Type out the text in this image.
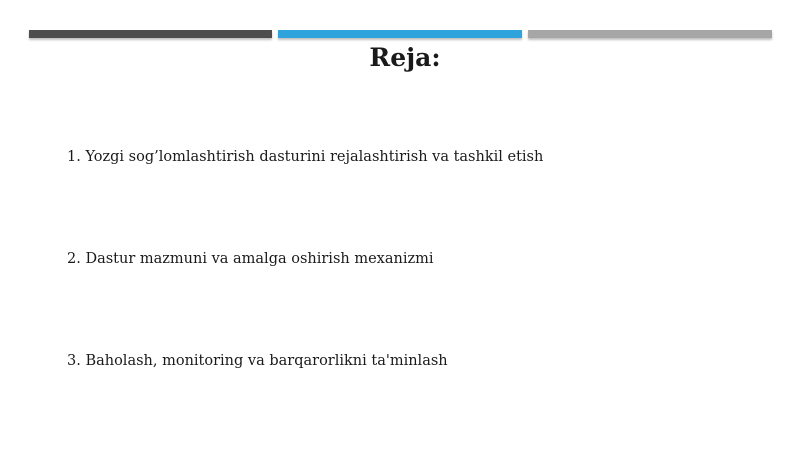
Reja:
1. Yozgi sog’lomlashtirish dasturini rejalashtirish va tashkil etish
2. Dastur mazmuni va amalga oshirish mexanizmi
3. Baholash, monitoring va barqarorlikni ta'minlash
